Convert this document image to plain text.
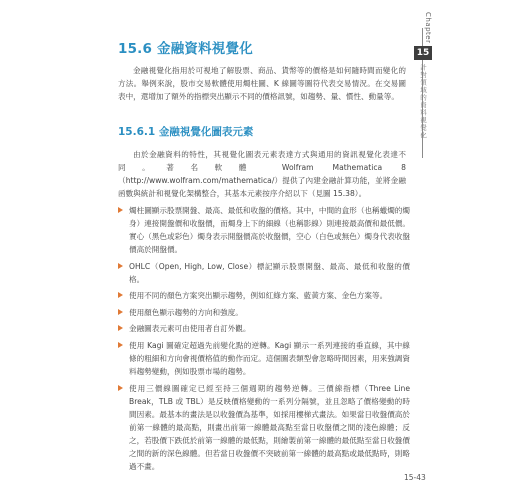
Chapter
15
計對領域的資料視覺化
15.6 金融資料視覺化

金融視覺化指用於可視地了解股票、商品、貨幣等的價格是如何隨時間而變化的方法。舉例來說，股市交易軟體使用燭柱圖、K 線圖等圖符代表交易情況。在交易圖表中，還增加了額外的指標突出顯示不同的價格訊號，如趨勢、量、慣性、動量等。

15.6.1 金融視覺化圖表元素

由於金融資料的特性，其視覺化圖表元素表達方式與通用的資訊視覺化表達不同。著名軟體 Wolfram Mathematica 8（http://www.wolfram.com/mathematica/）提供了內建金融計算功能，並將金融函數與統計和視覺化架構整合，其基本元素按序介紹以下（見圖 15.38）。

燭柱圖顯示股票開盤、最高、最低和收盤的價格。其中，中間的盒形（也稱蠟燭的燭身）連接開盤價和收盤價，而燭身上下的細線（也稱影線）則連接最高價和最低價。實心（黑色或彩色）燭身表示開盤價高於收盤價，空心（白色或無色）燭身代表收盤價高於開盤價。
OHLC（Open, High, Low, Close）標記顯示股票開盤、最高、最低和收盤的價格。
使用不同的顏色方案突出顯示趨勢，例如紅綠方案、藍黃方案、金色方案等。
使用顏色顯示趨勢的方向和強度。
金融圖表元素可由使用者自訂外觀。
使用 Kagi 圖確定超過先前變化點的逆轉。Kagi 顯示一系列連接的垂直線，其中線條的粗細和方向會視價格值的動作而定。這個圖表類型會忽略時間因素，用來強調資料趨勢變動，例如股票市場的趨勢。
使用三價線圖確定已經至持三個週期的趨勢逆轉。三價線指標（Three Line Break，TLB 或 TBL）是反映價格變動的一系列分隔號，並且忽略了價格變動的時間因素。最基本的畫法是以收盤價為基準，如採用樓梯式畫法。如果當日收盤價高於前第一線體的最高點，則畫出前第一線體最高點至當日收盤價之間的淺色線體；反之，若股價下跌低於前第一線體的最低點，則繪製前第一線體的最低點至當日收盤價之間的新的深色線體。但若當日收盤價不突破前第一線體的最高點或最低點時，則略過不畫。
15-43
